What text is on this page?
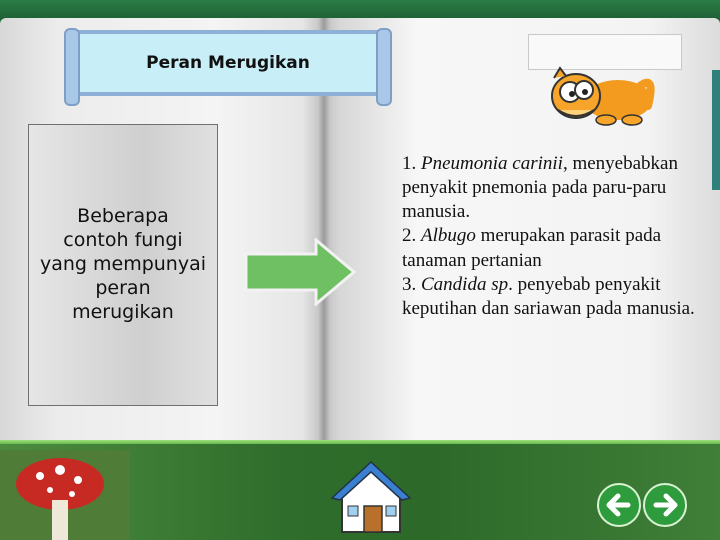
Peran Merugikan
Beberapa
contoh fungi
yang mempunyai
peran
merugikan

1. Pneumonia carinii, menyebabkan penyakit pnemonia pada paru-paru manusia.

2. Albugo merupakan parasit pada tanaman pertanian

3. Candida sp. penyebab penyakit keputihan dan sariawan pada manusia.
